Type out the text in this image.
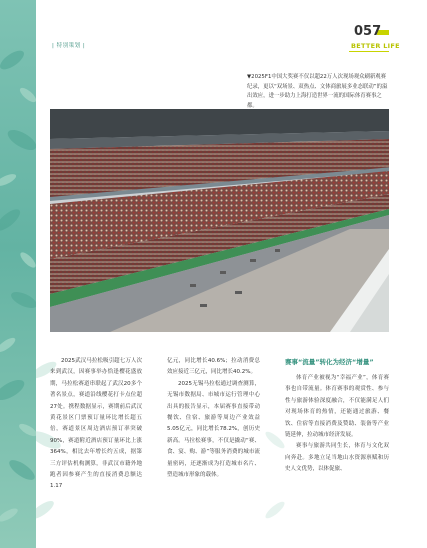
| 特别策划 |
057
BETTER LIFE
▼2025F1中国大奖赛不仅以超22万人次现场观众刷新观赛纪录，更以“双场景、双热点、文体商旅展多业态联动”的溢出效应，进一步助力上海打造世界一流的国际体育赛事之都。

2025武汉马拉松吸引超七万人次来到武汉，因赛事举办恰逢樱花盛放期，马拉松赛道串联起了武汉20多个著名景点，赛道沿线樱花打卡点位超27处。携程数据显示，赛期前后武汉黄花景区门票预订量环比增长超五倍，赛道景区周边酒店预订率突破90%，赛道附近酒店预订量环比上涨364%，相比去年增长约五成，据第三方评估机构测算，非武汉市籍外地跑者因参赛产生的直接消费总额达1.17

亿元，同比增长40.6%；拉动消费总效应接近三亿元，同比增长40.2%。

2025无锡马拉松通过调查测算，无锡市数据局、市城市运行管理中心出具的报告显示，本届赛事直接带动餐饮、住宿、旅游等周边产业效益5.05亿元，同比增长78.2%，创历史新高。马拉松赛事，不仅是撬动“赛、食、宴、购、游”等服务消费的城市流量密码，还逐渐成为打造城市名片、塑造城市形象的载体。

赛事“流量”转化为经济“增量”

体育产业被视为“幸福产业”，体育赛事也自带流量。体育赛事的观赏性、参与性与旅游体验深度融合，不仅能满足人们对现场体育的热情，还能通过旅游、餐饮、住宿等直接消费及赞助、装备等产业链延伸，拉动城市经济发展。

赛事与旅游共同生长，体育与文化双向奔赴。多地立足当地山水资源禀赋和历史人文优势，以体促旅、
